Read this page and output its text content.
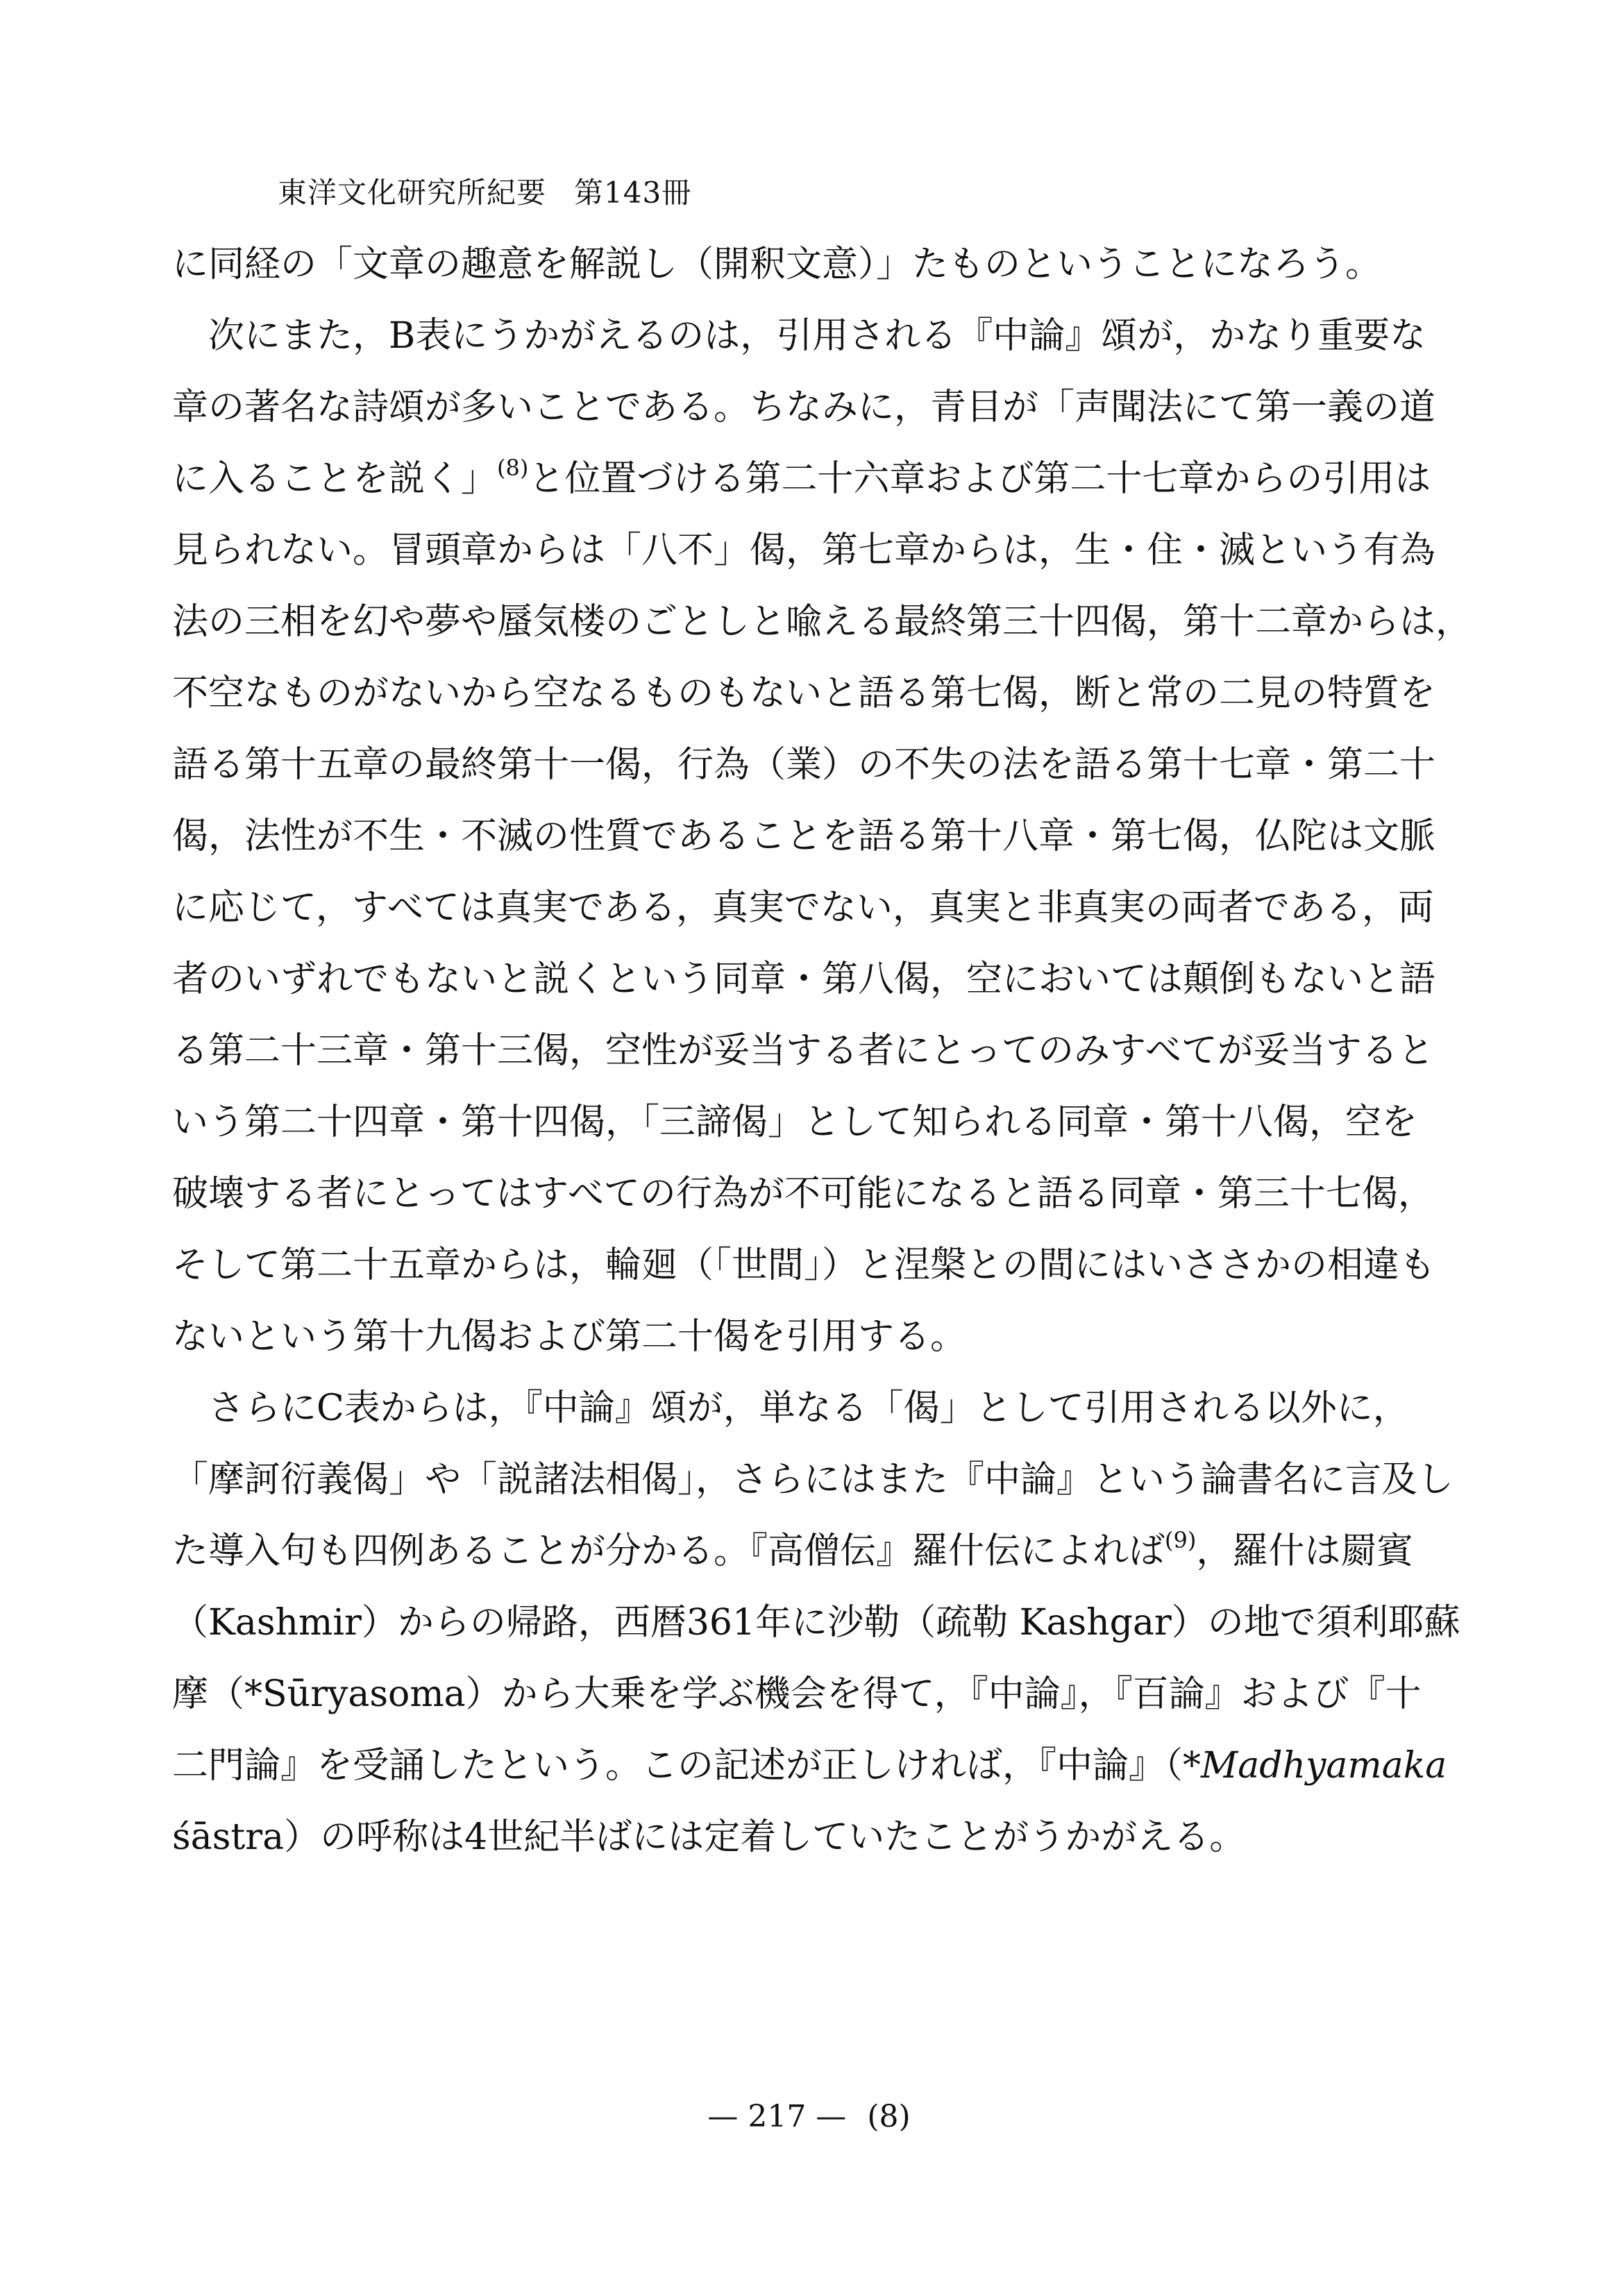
東洋文化研究所紀要 第143冊
に同経の「文章の趣意を解説し（開釈文意）」たものということになろう。
次にまた，B表にうかがえるのは，引用される『中論』頌が，かなり重要な
章の著名な詩頌が多いことである。ちなみに，青目が「声聞法にて第一義の道
に入ることを説く」$^{(8)}$と位置づける第二十六章および第二十七章からの引用は
見られない。冒頭章からは「八不」偈，第七章からは，生・住・滅という有為
法の三相を幻や夢や蜃気楼のごとしと喩える最終第三十四偈，第十二章からは，
不空なものがないから空なるものもないと語る第七偈，断と常の二見の特質を
語る第十五章の最終第十一偈，行為（業）の不失の法を語る第十七章・第二十
偈，法性が不生・不滅の性質であることを語る第十八章・第七偈，仏陀は文脈
に応じて，すべては真実である，真実でない，真実と非真実の両者である，両
者のいずれでもないと説くという同章・第八偈，空においては顛倒もないと語
る第二十三章・第十三偈，空性が妥当する者にとってのみすべてが妥当すると
いう第二十四章・第十四偈，「三諦偈」として知られる同章・第十八偈，空を
破壊する者にとってはすべての行為が不可能になると語る同章・第三十七偈，
そして第二十五章からは，輪廻（「世間」）と涅槃との間にはいささかの相違も
ないという第十九偈および第二十偈を引用する。
さらにC表からは，『中論』頌が，単なる「偈」として引用される以外に，
「摩訶衍義偈」や「説諸法相偈」，さらにはまた『中論』という論書名に言及し
た導入句も四例あることが分かる。『高僧伝』羅什伝によれば$^{(9)}$，羅什は罽賓
（Kashmir）からの帰路，西暦361年に沙勒（疏勒 Kashgar）の地で須利耶蘇
摩（*Sūryasoma）から大乗を学ぶ機会を得て，『中論』，『百論』および『十
二門論』を受誦したという。この記述が正しければ，『中論』（*Madhyamaka
śāstra）の呼称は4世紀半ばには定着していたことがうかがえる。
— 217 — (8)
